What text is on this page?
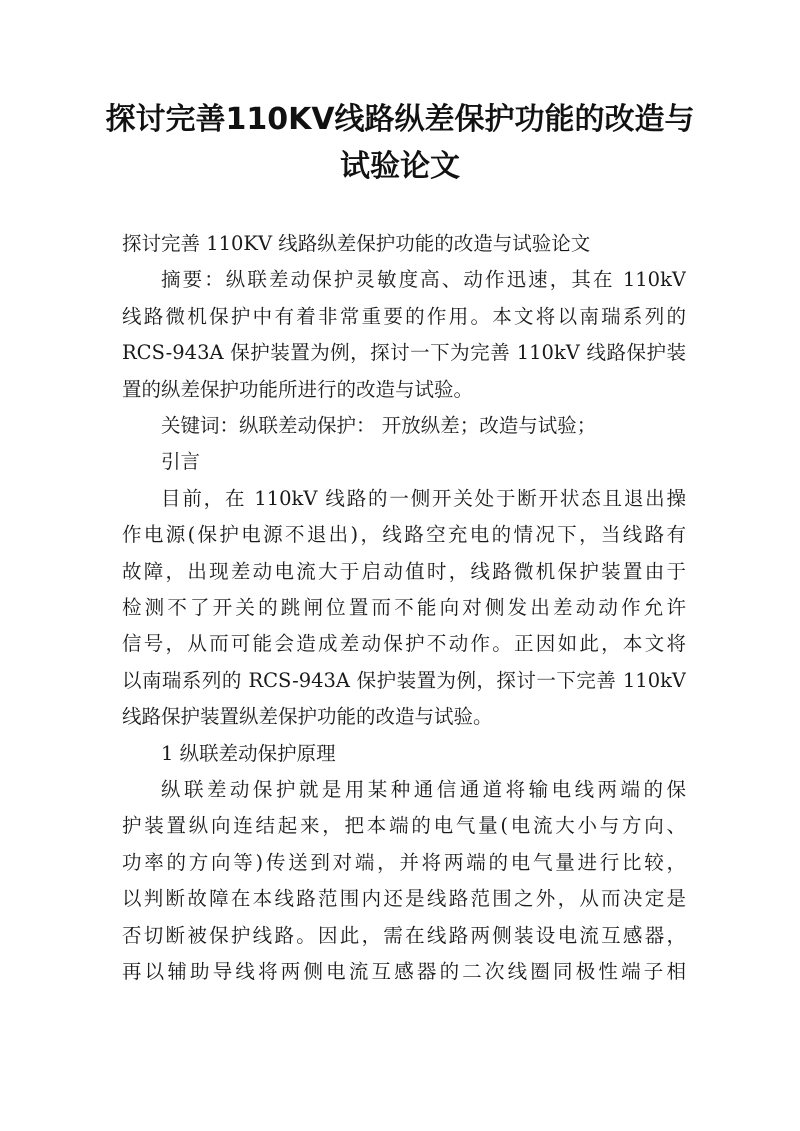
探讨完善110KV线路纵差保护功能的改造与
试验论文

探讨完善 110KV 线路纵差保护功能的改造与试验论文

摘要：纵联差动保护灵敏度高、动作迅速，其在 110kV
线路微机保护中有着非常重要的作用。本文将以南瑞系列的
RCS-943A 保护装置为例，探讨一下为完善 110kV 线路保护装
置的纵差保护功能所进行的改造与试验。

关键词：纵联差动保护： 开放纵差；改造与试验；

引言

目前，在 110kV 线路的一侧开关处于断开状态且退出操
作电源(保护电源不退出)，线路空充电的情况下，当线路有
故障，出现差动电流大于启动值时，线路微机保护装置由于
检测不了开关的跳闸位置而不能向对侧发出差动动作允许
信号，从而可能会造成差动保护不动作。正因如此，本文将
以南瑞系列的 RCS-943A 保护装置为例，探讨一下完善 110kV
线路保护装置纵差保护功能的改造与试验。

1 纵联差动保护原理

纵联差动保护就是用某种通信通道将输电线两端的保
护装置纵向连结起来，把本端的电气量(电流大小与方向、
功率的方向等)传送到对端，并将两端的电气量进行比较，
以判断故障在本线路范围内还是线路范围之外，从而决定是
否切断被保护线路。因此，需在线路两侧装设电流互感器，
再以辅助导线将两侧电流互感器的二次线圈同极性端子相
